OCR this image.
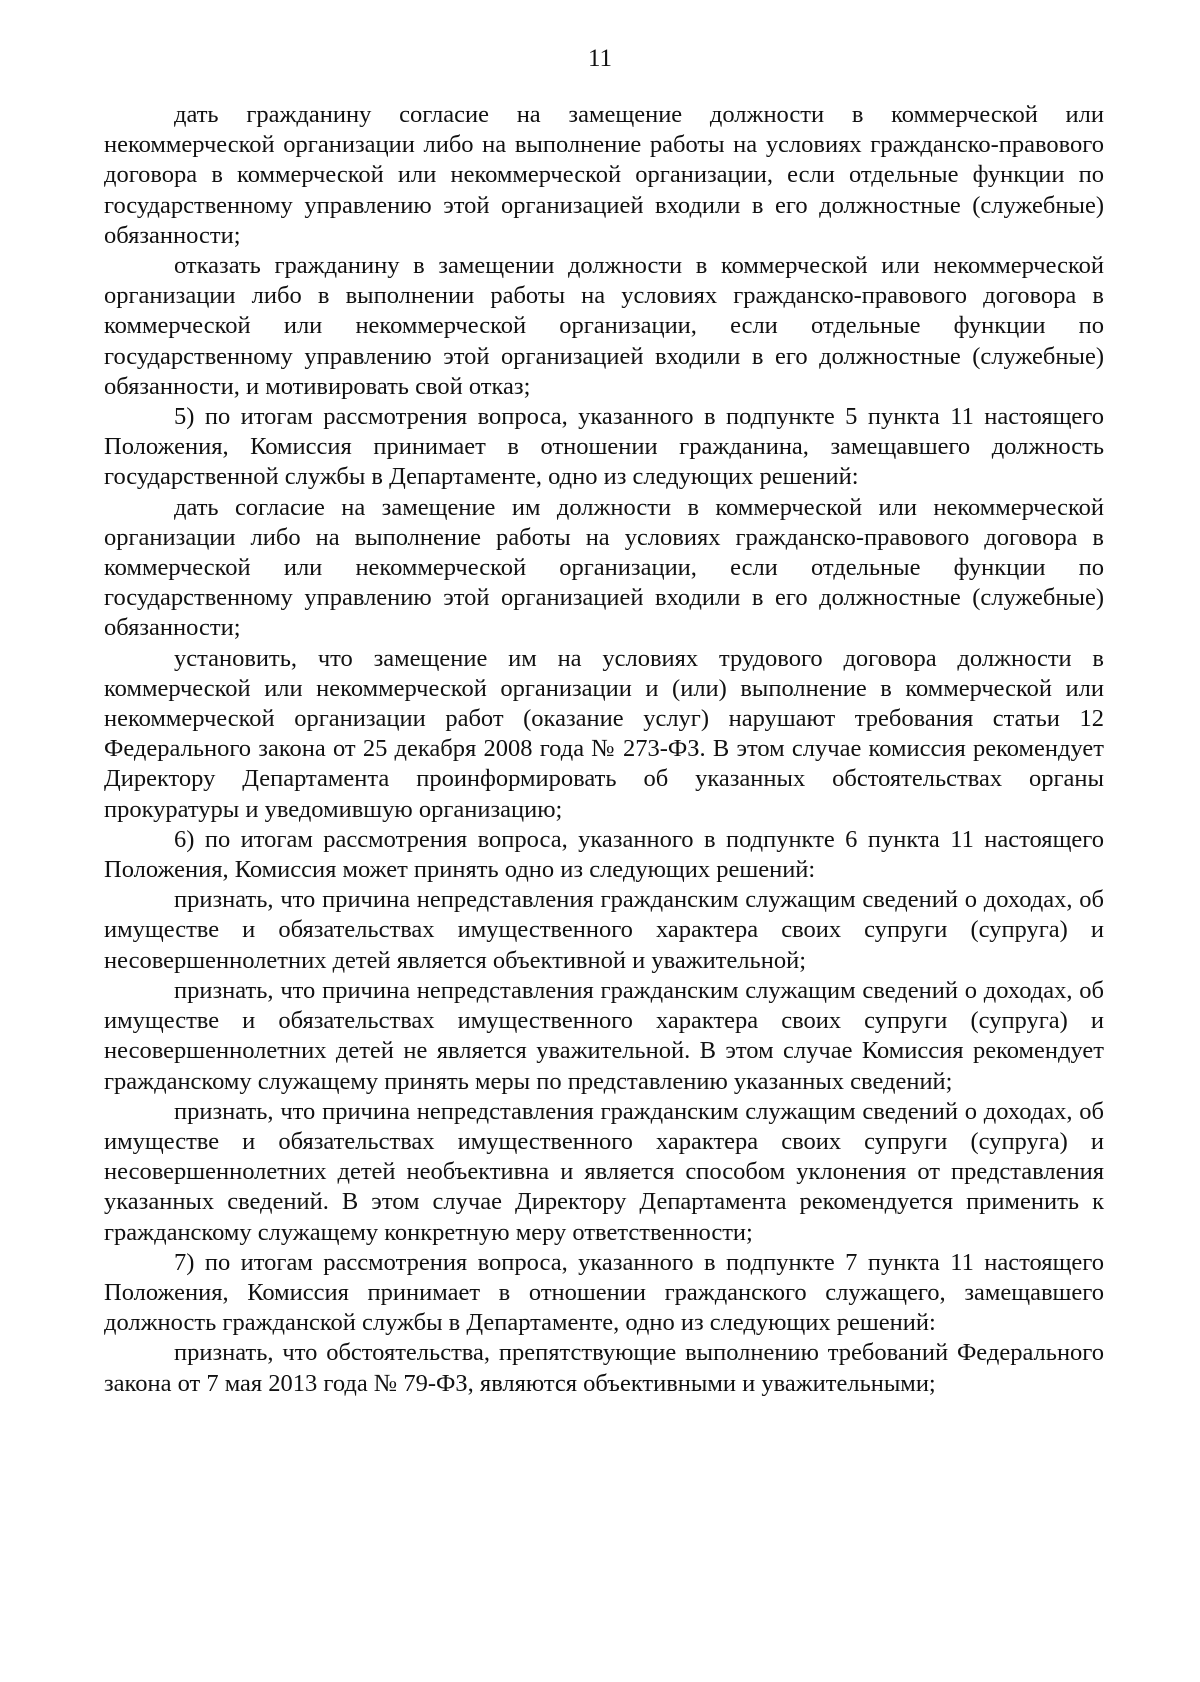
11

дать гражданину согласие на замещение должности в коммерческой или некоммерческой организации либо на выполнение работы на условиях гражданско-правового договора в коммерческой или некоммерческой организации, если отдельные функции по государственному управлению этой организацией входили в его должностные (служебные) обязанности;

отказать гражданину в замещении должности в коммерческой или некоммерческой организации либо в выполнении работы на условиях гражданско-правового договора в коммерческой или некоммерческой организации, если отдельные функции по государственному управлению этой организацией входили в его должностные (служебные) обязанности, и мотивировать свой отказ;

5) по итогам рассмотрения вопроса, указанного в подпункте 5 пункта 11 настоящего Положения, Комиссия принимает в отношении гражданина, замещавшего должность государственной службы в Департаменте, одно из следующих решений:

дать согласие на замещение им должности в коммерческой или некоммерческой организации либо на выполнение работы на условиях гражданско-правового договора в коммерческой или некоммерческой организации, если отдельные функции по государственному управлению этой организацией входили в его должностные (служебные) обязанности;

установить, что замещение им на условиях трудового договора должности в коммерческой или некоммерческой организации и (или) выполнение в коммерческой или некоммерческой организации работ (оказание услуг) нарушают требования статьи 12 Федерального закона от 25 декабря 2008 года № 273-ФЗ. В этом случае комиссия рекомендует Директору Департамента проинформировать об указанных обстоятельствах органы прокуратуры и уведомившую организацию;

6) по итогам рассмотрения вопроса, указанного в подпункте 6 пункта 11 настоящего Положения, Комиссия может принять одно из следующих решений:

признать, что причина непредставления гражданским служащим сведений о доходах, об имуществе и обязательствах имущественного характера своих супруги (супруга) и несовершеннолетних детей является объективной и уважительной;

признать, что причина непредставления гражданским служащим сведений о доходах, об имуществе и обязательствах имущественного характера своих супруги (супруга) и несовершеннолетних детей не является уважительной. В этом случае Комиссия рекомендует гражданскому служащему принять меры по представлению указанных сведений;

признать, что причина непредставления гражданским служащим сведений о доходах, об имуществе и обязательствах имущественного характера своих супруги (супруга) и несовершеннолетних детей необъективна и является способом уклонения от представления указанных сведений. В этом случае Директору Департамента рекомендуется применить к гражданскому служащему конкретную меру ответственности;

7) по итогам рассмотрения вопроса, указанного в подпункте 7 пункта 11 настоящего Положения, Комиссия принимает в отношении гражданского служащего, замещавшего должность гражданской службы в Департаменте, одно из следующих решений:

признать, что обстоятельства, препятствующие выполнению требований Федерального закона от 7 мая 2013 года № 79-ФЗ, являются объективными и уважительными;
